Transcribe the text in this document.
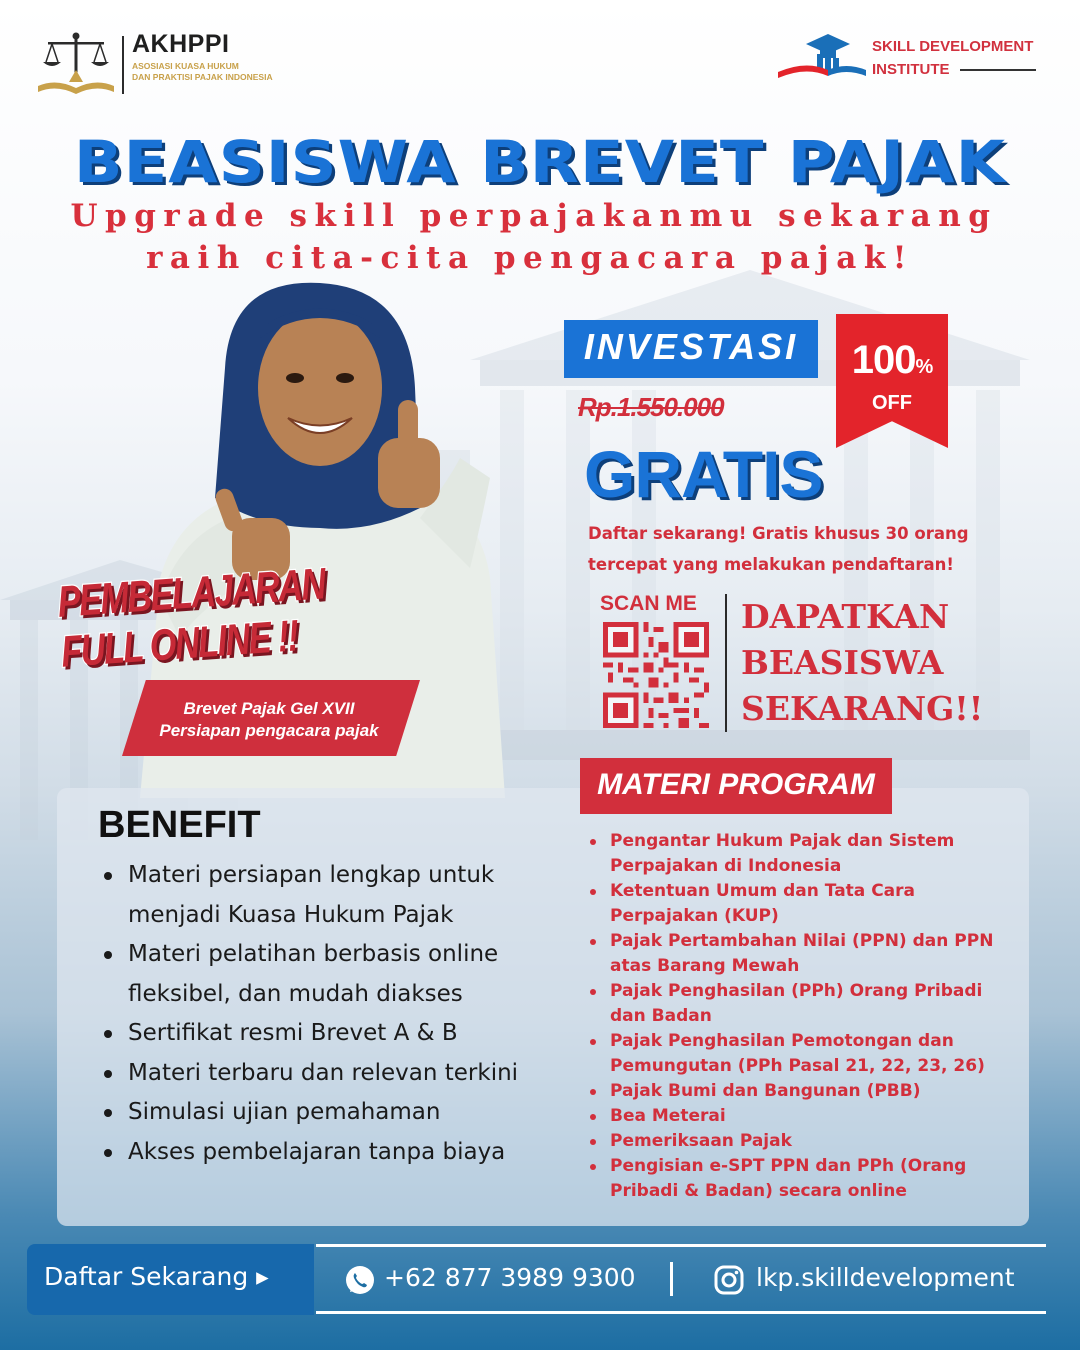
AKHPPI
ASOSIASI KUASA HUKUM
DAN PRAKTISI PAJAK INDONESIA
SKILL DEVELOPMENT
INSTITUTE
BEASISWA BREVET PAJAK
Upgrade skill perpajakanmu sekarang
raih cita-cita pengacara pajak!
PEMBELAJARAN
FULL ONLINE !!
Brevet Pajak Gel XVII
Persiapan pengacara pajak
INVESTASI
Rp.1.550.000
100%
OFF
GRATIS
Daftar sekarang! Gratis khusus 30 orang
tercepat yang melakukan pendaftaran!
SCAN ME DAPATKAN
BEASISWA
SEKARANG!!
BENEFIT
Materi persiapan lengkap untuk menjadi Kuasa Hukum Pajak
Materi pelatihan berbasis online fleksibel, dan mudah diakses
Sertifikat resmi Brevet A & B
Materi terbaru dan relevan terkini
Simulasi ujian pemahaman
Akses pembelajaran tanpa biaya
MATERI PROGRAM
Pengantar Hukum Pajak dan Sistem Perpajakan di Indonesia
Ketentuan Umum dan Tata Cara Perpajakan (KUP)
Pajak Pertambahan Nilai (PPN) dan PPN atas Barang Mewah
Pajak Penghasilan (PPh) Orang Pribadi dan Badan
Pajak Penghasilan Pemotongan dan Pemungutan (PPh Pasal 21, 22, 23, 26)
Pajak Bumi dan Bangunan (PBB)
Bea Meterai
Pemeriksaan Pajak
Pengisian e-SPT PPN dan PPh (Orang Pribadi & Badan) secara online
Daftar Sekarang ▸	+62 877 3989 9300	lkp.skilldevelopment
